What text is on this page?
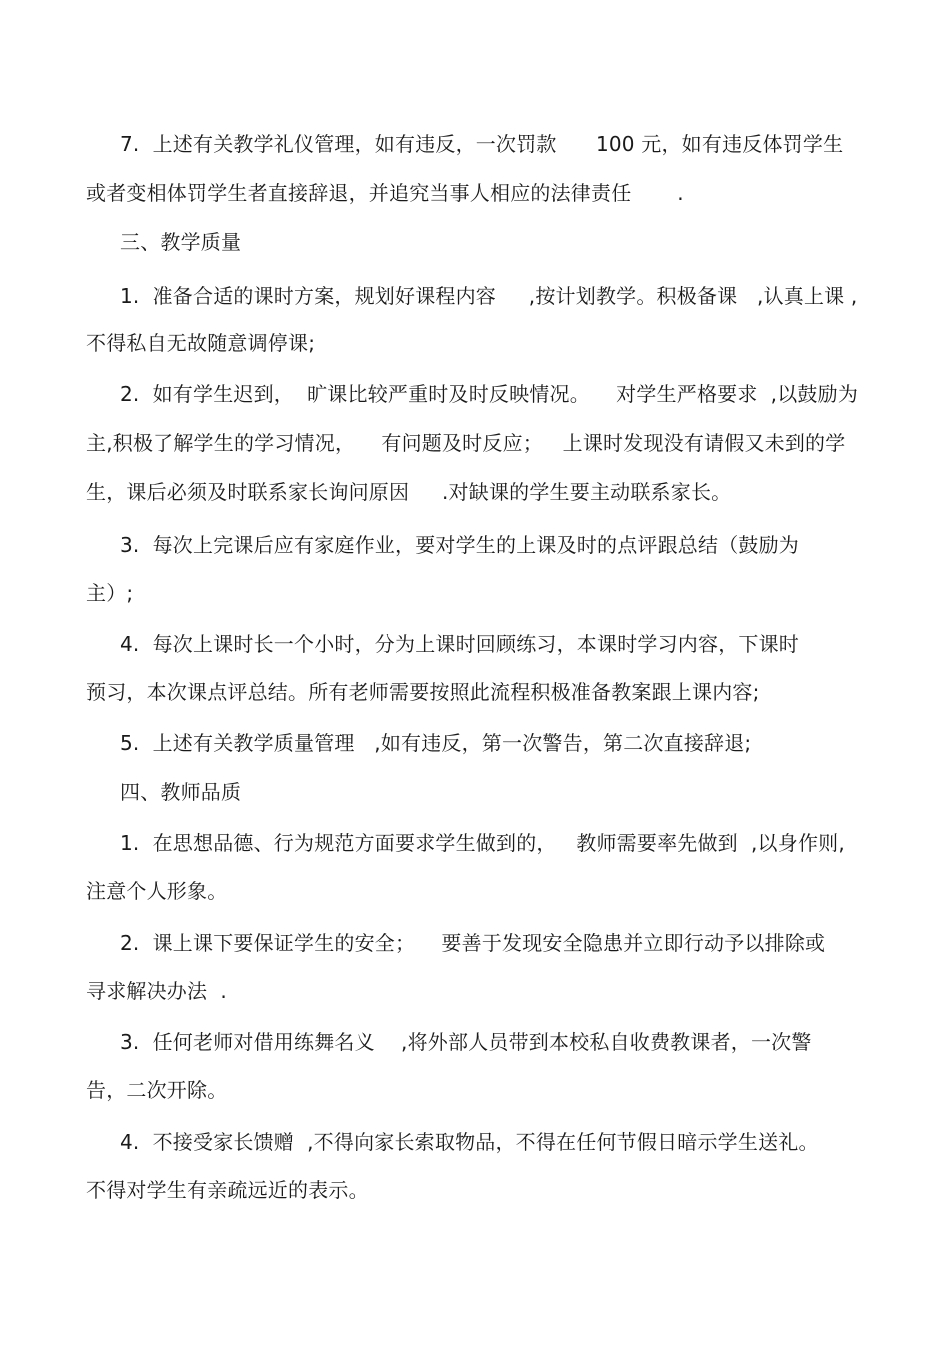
7.  上述有关教学礼仪管理，如有违反，一次罚款      100 元，如有违反体罚学生
或者变相体罚学生者直接辞退，并追究当事人相应的法律责任       .
三、教学质量
1.  准备合适的课时方案，规划好课程内容     ,按计划教学。积极备课   ,认真上课 ,
不得私自无故随意调停课;
2.  如有学生迟到，  旷课比较严重时及时反映情况。    对学生严格要求  ,以鼓励为
主,积极了解学生的学习情况，    有问题及时反应；   上课时发现没有请假又未到的学
生，课后必须及时联系家长询问原因     .对缺课的学生要主动联系家长。
3.  每次上完课后应有家庭作业，要对学生的上课及时的点评跟总结（鼓励为
主）;
4.  每次上课时长一个小时，分为上课时回顾练习，本课时学习内容，下课时
预习，本次课点评总结。所有老师需要按照此流程积极准备教案跟上课内容;
5.  上述有关教学质量管理   ,如有违反，第一次警告，第二次直接辞退;
四、教师品质
1.  在思想品德、行为规范方面要求学生做到的，   教师需要率先做到  ,以身作则,
注意个人形象。
2.  课上课下要保证学生的安全；    要善于发现安全隐患并立即行动予以排除或
寻求解决办法  .
3.  任何老师对借用练舞名义    ,将外部人员带到本校私自收费教课者，一次警
告，二次开除。
4.  不接受家长馈赠  ,不得向家长索取物品，不得在任何节假日暗示学生送礼。
不得对学生有亲疏远近的表示。
